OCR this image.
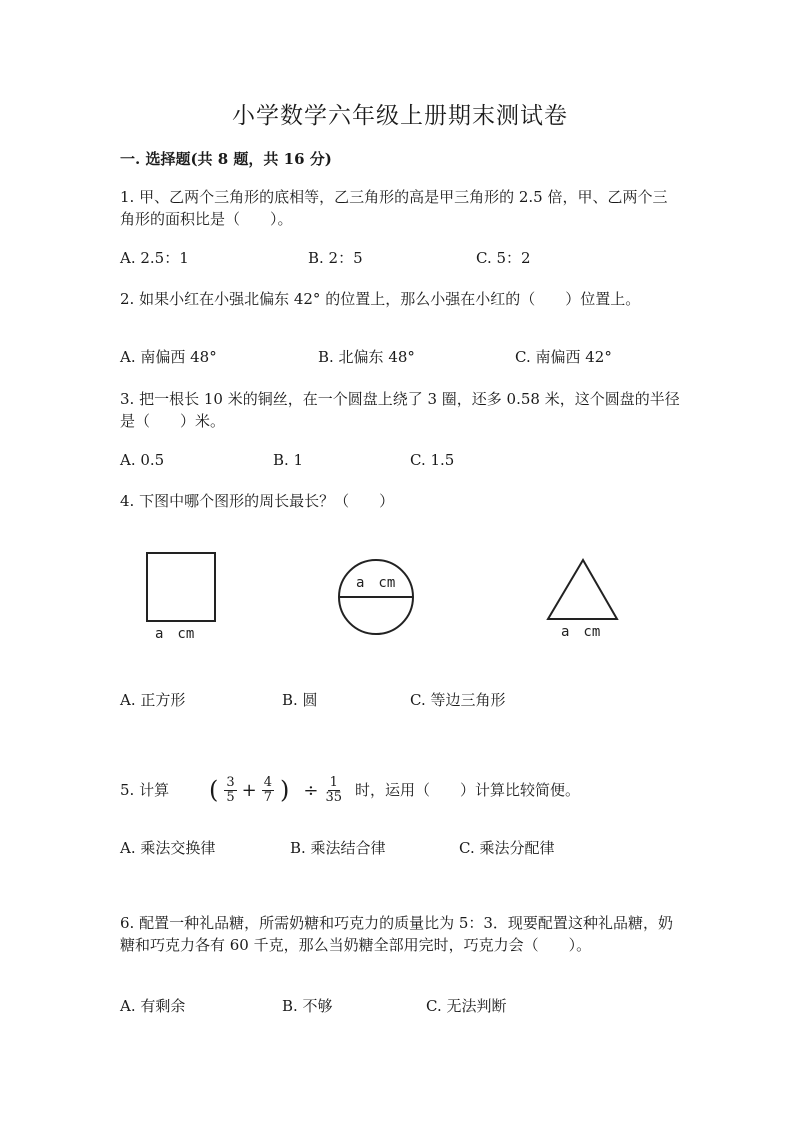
小学数学六年级上册期末测试卷
一. 选择题(共 8 题，共 16 分)
1. 甲、乙两个三角形的底相等，乙三角形的高是甲三角形的 2.5 倍，甲、乙两个三角形的面积比是（　　）。
A. 2.5：1	B. 2：5	C. 5：2
2. 如果小红在小强北偏东 42° 的位置上，那么小强在小红的（　　）位置上。
A. 南偏西 48°	B. 北偏东 48°	C. 南偏西 42°
3. 把一根长 10 米的铜丝，在一个圆盘上绕了 3 圈，还多 0.58 米，这个圆盘的半径是（　　）米。
A. 0.5	B. 1	C. 1.5
4. 下图中哪个图形的周长最长？（　　）
a　cm
a　cm
a　cm
A. 正方形	B. 圆	C. 等边三角形
5. 计算 ( $\frac{3}{5} + \frac{4}{7}$ ) ÷ $\frac{1}{35}$ 时，运用（　　）计算比较简便。
A. 乘法交换律	B. 乘法结合律	C. 乘法分配律
6. 配置一种礼品糖，所需奶糖和巧克力的质量比为 5：3．现要配置这种礼品糖，奶糖和巧克力各有 60 千克，那么当奶糖全部用完时，巧克力会（　　）。
A. 有剩余	B. 不够	C. 无法判断
